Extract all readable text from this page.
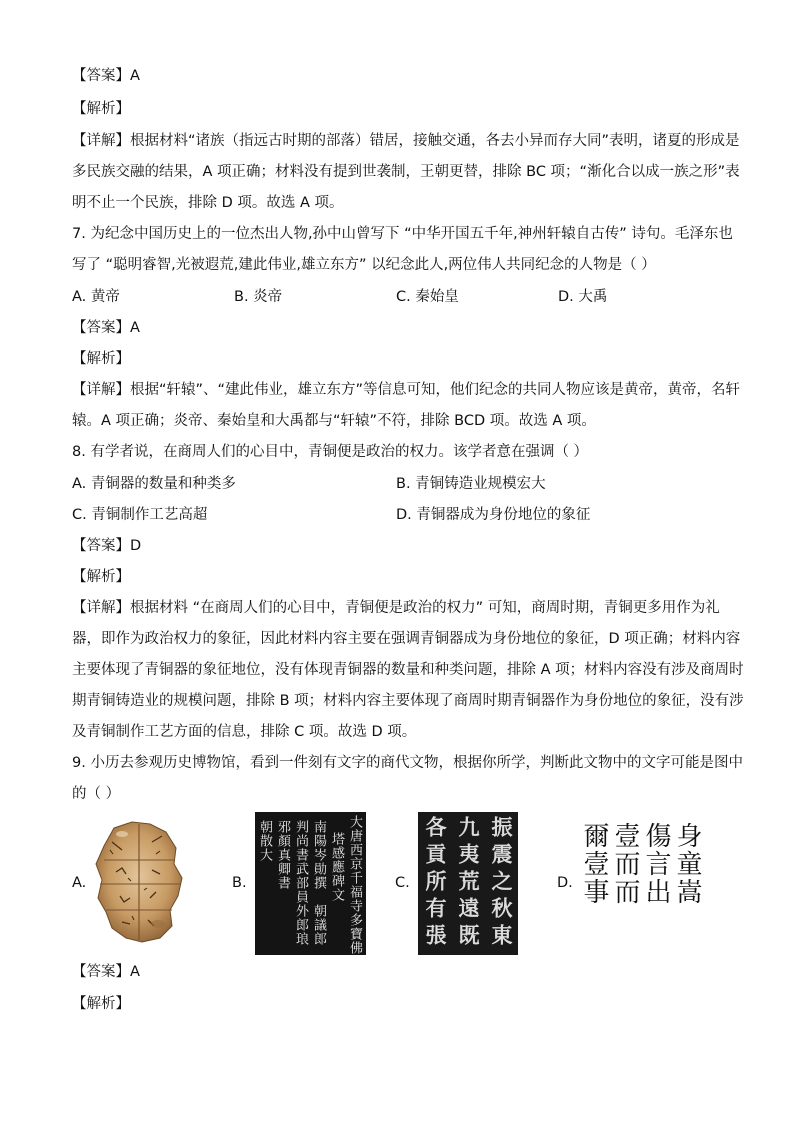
【答案】A
【解析】
【详解】根据材料“诸族（指远古时期的部落）错居，接触交通，各去小异而存大同”表明，诸夏的形成是
多民族交融的结果，A 项正确；材料没有提到世袭制，王朝更替，排除 BC 项；“渐化合以成一族之形”表
明不止一个民族，排除 D 项。故选 A 项。
7. 为纪念中国历史上的一位杰出人物,孙中山曾写下 “中华开国五千年,神州轩辕自古传” 诗句。毛泽东也
写了 “聪明睿智,光被遐荒,建此伟业,雄立东方” 以纪念此人,两位伟人共同纪念的人物是（ ）
A. 黄帝	B. 炎帝	C. 秦始皇	D. 大禹
【答案】A
【解析】
【详解】根据“轩辕”、“建此伟业，雄立东方”等信息可知，他们纪念的共同人物应该是黄帝，黄帝，名轩
辕。A 项正确；炎帝、秦始皇和大禹都与“轩辕”不符，排除 BCD 项。故选 A 项。
8. 有学者说，在商周人们的心目中，青铜便是政治的权力。该学者意在强调（ ）
A. 青铜器的数量和种类多	B. 青铜铸造业规模宏大
C. 青铜制作工艺高超	D. 青铜器成为身份地位的象征
【答案】D
【解析】
【详解】根据材料 “在商周人们的心目中，青铜便是政治的权力” 可知，商周时期，青铜更多用作为礼
器，即作为政治权力的象征，因此材料内容主要在强调青铜器成为身份地位的象征，D 项正确；材料内容
主要体现了青铜器的象征地位，没有体现青铜器的数量和种类问题，排除 A 项；材料内容没有涉及商周时
期青铜铸造业的规模问题，排除 B 项；材料内容主要体现了商周时期青铜器作为身份地位的象征，没有涉
及青铜制作工艺方面的信息，排除 C 项。故选 D 项。
9. 小历去参观历史博物馆，看到一件刻有文字的商代文物，根据你所学，判断此文物中的文字可能是图中
的（ ）
A.	B.	大唐西京千福寺多寶佛
塔感應碑文
南陽岑勛撰　朝議郎
判尚書武部員外郎琅
邪顏真卿書
朝散大
C.	振震之秋東
九夷荒遠既
各貢所有張	D.	身童嵩
傷言出
壹而而
爾壹事
【答案】A
【解析】
